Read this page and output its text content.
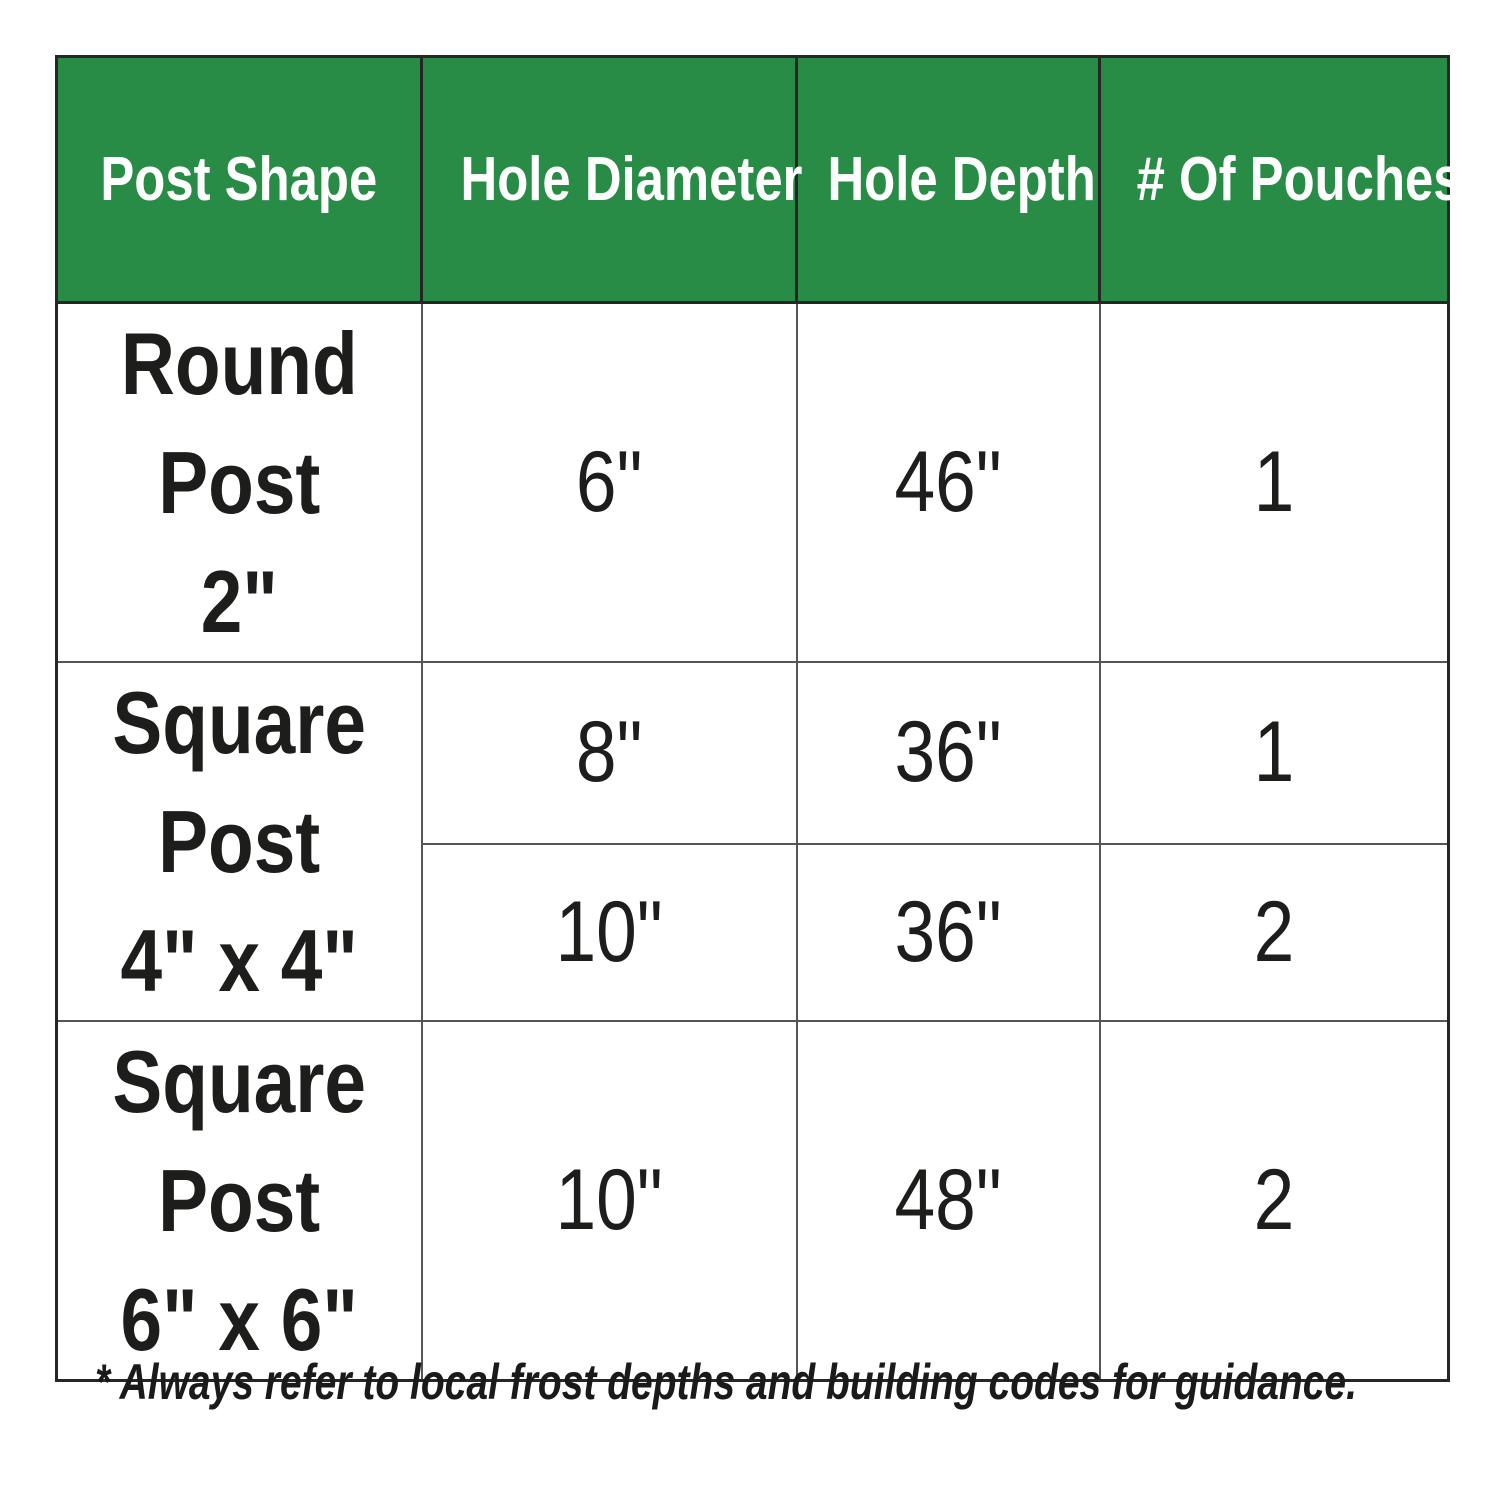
Post Shape	Hole Diameter	Hole Depth	# Of Pouches

Round
Post
2"	6"	46"	1

Square
Post
4" x 4"	8"	36"	1
	10"	36"	2

Square
Post
6" x 6"	10"	48"	2
* Always refer to local frost depths and building codes for guidance.
